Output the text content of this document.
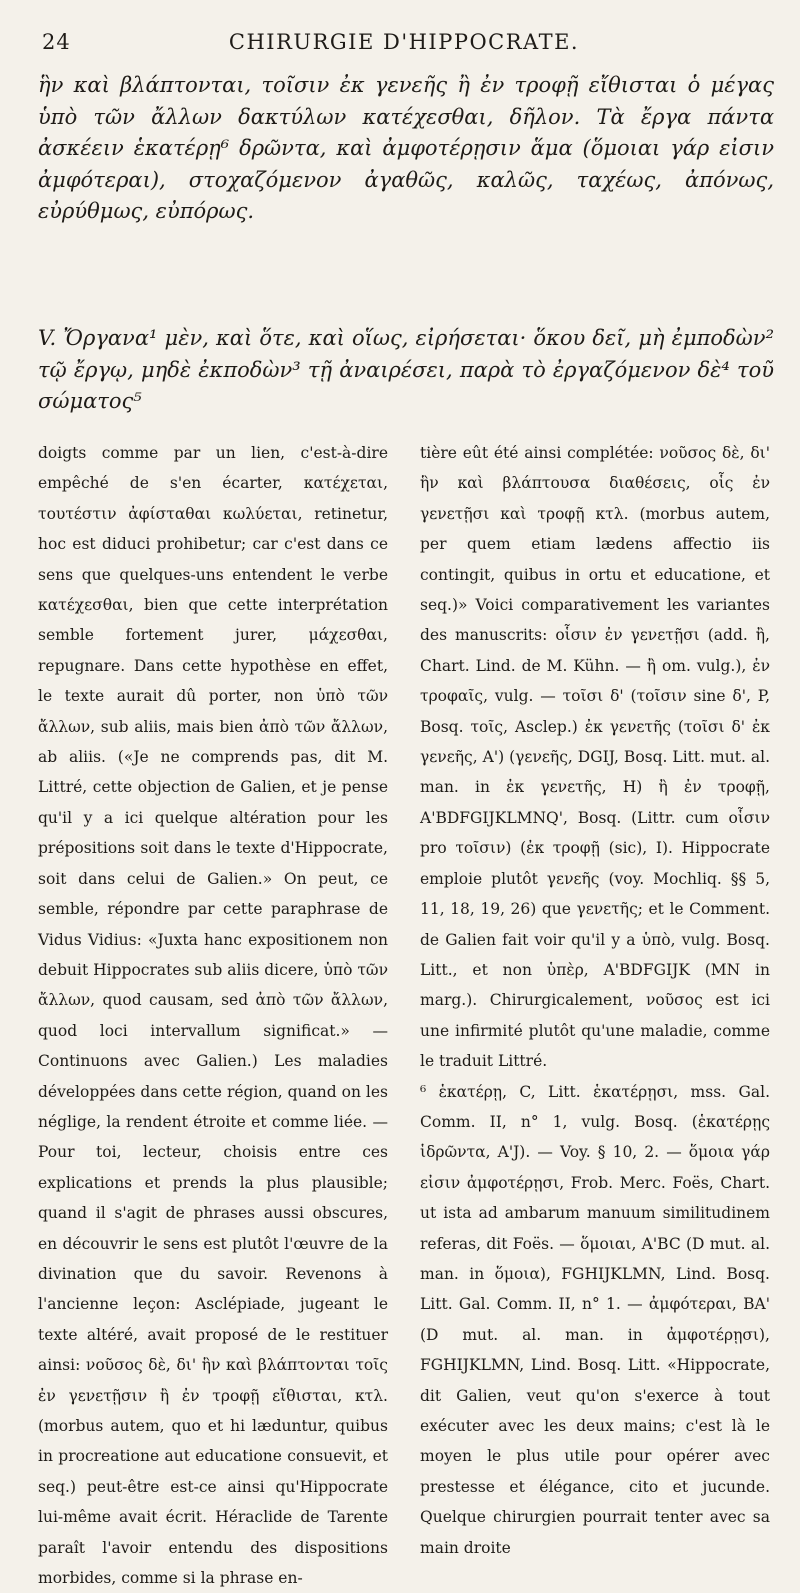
24	CHIRURGIE D'HIPPOCRATE.

ἣν καὶ βλάπτονται, τοῖσιν ἐκ γενεῆς ἢ ἐν τροφῇ εἴθισται ὁ μέγας ὑπὸ τῶν ἄλλων δακτύλων κατέχεσθαι, δῆλον. Τὰ ἔργα πάντα ἀσκέειν ἑκατέρῃ⁶ δρῶντα, καὶ ἀμφοτέρῃσιν ἅμα (ὅμοιαι γάρ εἰσιν ἀμφότεραι), στοχαζόμενον ἀγαθῶς, καλῶς, ταχέως, ἀπόνως, εὐρύθμως, εὐπόρως.

V. Ὄργανα¹ μὲν, καὶ ὅτε, καὶ οἵως, εἰρήσεται· ὅκου δεῖ, μὴ ἐμποδὼν² τῷ ἔργῳ, μηδὲ ἐκποδὼν³ τῇ ἀναιρέσει, παρὰ τὸ ἐργαζόμενον δὲ⁴ τοῦ σώματος⁵

doigts comme par un lien, c'est-à-dire empêché de s'en écarter, κατέχεται, τουτέστιν ἀφίσταθαι κωλύεται, retinetur, hoc est diduci prohibetur; car c'est dans ce sens que quelques-uns entendent le verbe κατέχεσθαι, bien que cette interprétation semble fortement jurer, μάχεσθαι, repugnare. Dans cette hypothèse en effet, le texte aurait dû porter, non ὑπὸ τῶν ἄλλων, sub aliis, mais bien ἀπὸ τῶν ἄλλων, ab aliis. («Je ne comprends pas, dit M. Littré, cette objection de Galien, et je pense qu'il y a ici quelque altération pour les prépositions soit dans le texte d'Hippocrate, soit dans celui de Galien.» On peut, ce semble, répondre par cette paraphrase de Vidus Vidius: «Juxta hanc expositionem non debuit Hippocrates sub aliis dicere, ὑπὸ τῶν ἄλλων, quod causam, sed ἀπὸ τῶν ἄλλων, quod loci intervallum significat.» — Continuons avec Galien.) Les maladies développées dans cette région, quand on les néglige, la rendent étroite et comme liée. — Pour toi, lecteur, choisis entre ces explications et prends la plus plausible; quand il s'agit de phrases aussi obscures, en découvrir le sens est plutôt l'œuvre de la divination que du savoir. Revenons à l'ancienne leçon: Asclépiade, jugeant le texte altéré, avait proposé de le restituer ainsi: νοῦσος δὲ, δι' ἣν καὶ βλάπτονται τοῖς ἐν γενετῇσιν ἢ ἐν τροφῇ εἴθισται, κτλ. (morbus autem, quo et hi læduntur, quibus in procreatione aut educatione consuevit, et seq.) peut-être est-ce ainsi qu'Hippocrate lui-même avait écrit. Héraclide de Tarente paraît l'avoir entendu des dispositions morbides, comme si la phrase en-

tière eût été ainsi complétée: νοῦσος δὲ, δι' ἣν καὶ βλάπτουσα διαθέσεις, οἷς ἐν γενετῇσι καὶ τροφῇ κτλ. (morbus autem, per quem etiam lædens affectio iis contingit, quibus in ortu et educatione, et seq.)» Voici comparativement les variantes des manuscrits: οἷσιν ἐν γενετῇσι (add. ἢ, Chart. Lind. de M. Kühn. — ἢ om. vulg.), ἐν τροφαῖς, vulg. — τοῖσι δ' (τοῖσιν sine δ', P, Bosq. τοῖς, Asclep.) ἐκ γενετῆς (τοῖσι δ' ἐκ γενεῆς, A') (γενεῆς, DGIJ, Bosq. Litt. mut. al. man. in ἐκ γενετῆς, H) ἢ ἐν τροφῇ, A'BDFGIJKLMNQ', Bosq. (Littr. cum οἷσιν pro τοῖσιν) (ἐκ τροφῇ (sic), I). Hippocrate emploie plutôt γενεῆς (voy. Mochliq. §§ 5, 11, 18, 19, 26) que γενετῆς; et le Comment. de Galien fait voir qu'il y a ὑπὸ, vulg. Bosq. Litt., et non ὑπὲρ, A'BDFGIJK (MN in marg.). Chirurgicalement, νοῦσος est ici une infirmité plutôt qu'une maladie, comme le traduit Littré.

⁶ ἑκατέρῃ, C, Litt. ἑκατέρῃσι, mss. Gal. Comm. II, n° 1, vulg. Bosq. (ἑκατέρῃς ἱδρῶντα, A'J). — Voy. § 10, 2. — ὅμοια γάρ εἰσιν ἀμφοτέρῃσι, Frob. Merc. Foës, Chart. ut ista ad ambarum manuum similitudinem referas, dit Foës. — ὅμοιαι, A'BC (D mut. al. man. in ὅμοια), FGHIJKLMN, Lind. Bosq. Litt. Gal. Comm. II, n° 1. — ἀμφότεραι, BA' (D mut. al. man. in ἀμφοτέρῃσι), FGHIJKLMN, Lind. Bosq. Litt. «Hippocrate, dit Galien, veut qu'on s'exerce à tout exécuter avec les deux mains; c'est là le moyen le plus utile pour opérer avec prestesse et élégance, cito et jucunde. Quelque chirurgien pourrait tenter avec sa main droite
